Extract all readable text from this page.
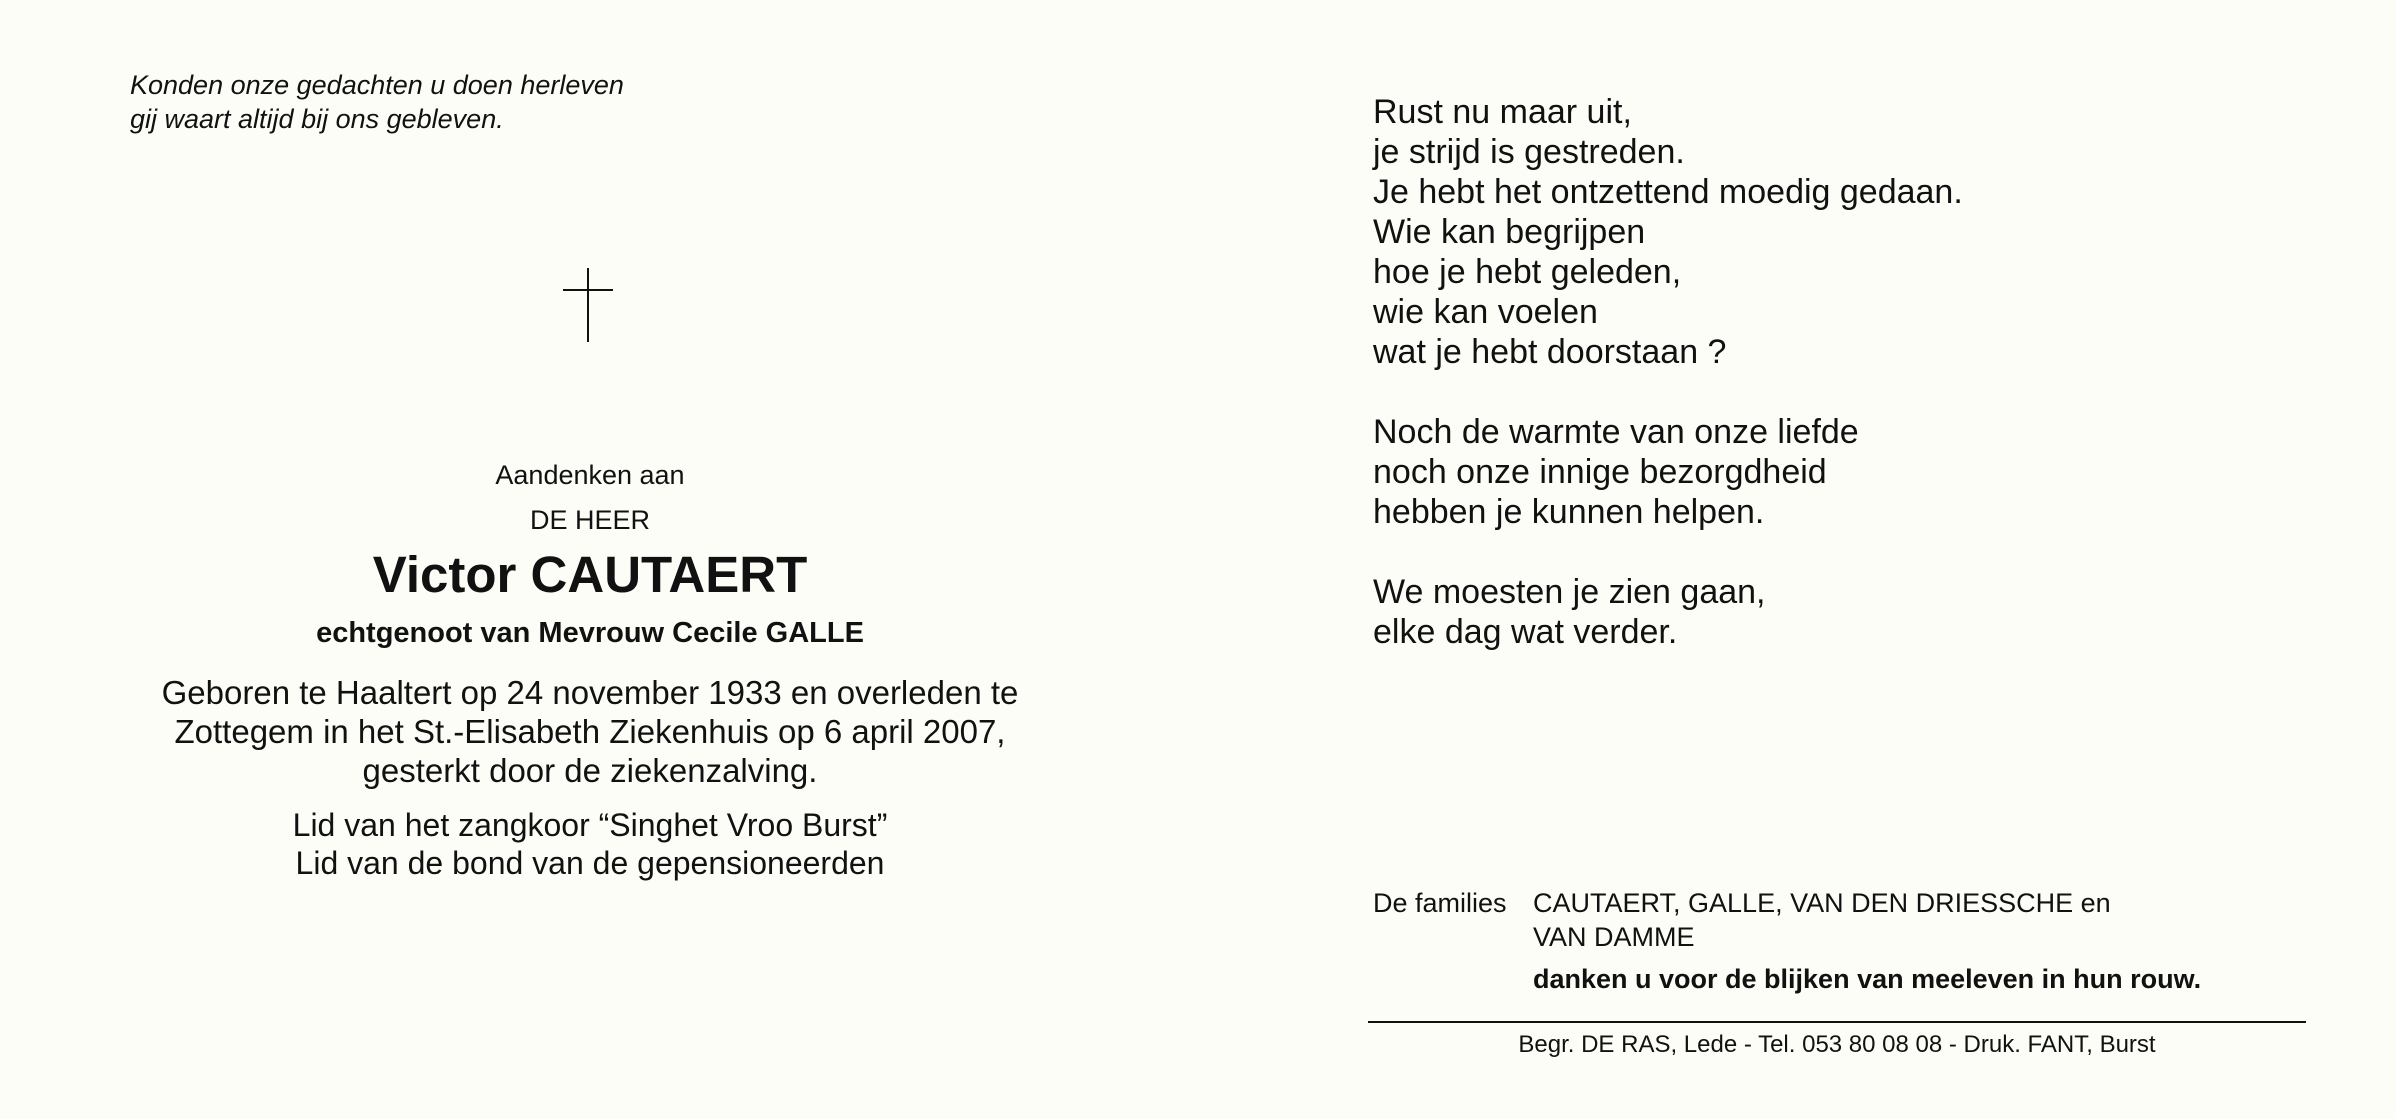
Konden onze gedachten u doen herleven
gij waart altijd bij ons gebleven.
Aandenken aan
DE HEER
Victor CAUTAERT
echtgenoot van Mevrouw Cecile GALLE
Geboren te Haaltert op 24 november 1933 en overleden te
Zottegem in het St.-Elisabeth Ziekenhuis op 6 april 2007,
gesterkt door de ziekenzalving.
Lid van het zangkoor “Singhet Vroo Burst”
Lid van de bond van de gepensioneerden
Rust nu maar uit,
je strijd is gestreden.
Je hebt het ontzettend moedig gedaan.
Wie kan begrijpen
hoe je hebt geleden,
wie kan voelen
wat je hebt doorstaan ?
Noch de warmte van onze liefde
noch onze innige bezorgdheid
hebben je kunnen helpen.
We moesten je zien gaan,
elke dag wat verder.
De families CAUTAERT, GALLE, VAN DEN DRIESSCHE en
VAN DAMME
danken u voor de blijken van meeleven in hun rouw.
Begr. DE RAS, Lede - Tel. 053 80 08 08 - Druk. FANT, Burst
